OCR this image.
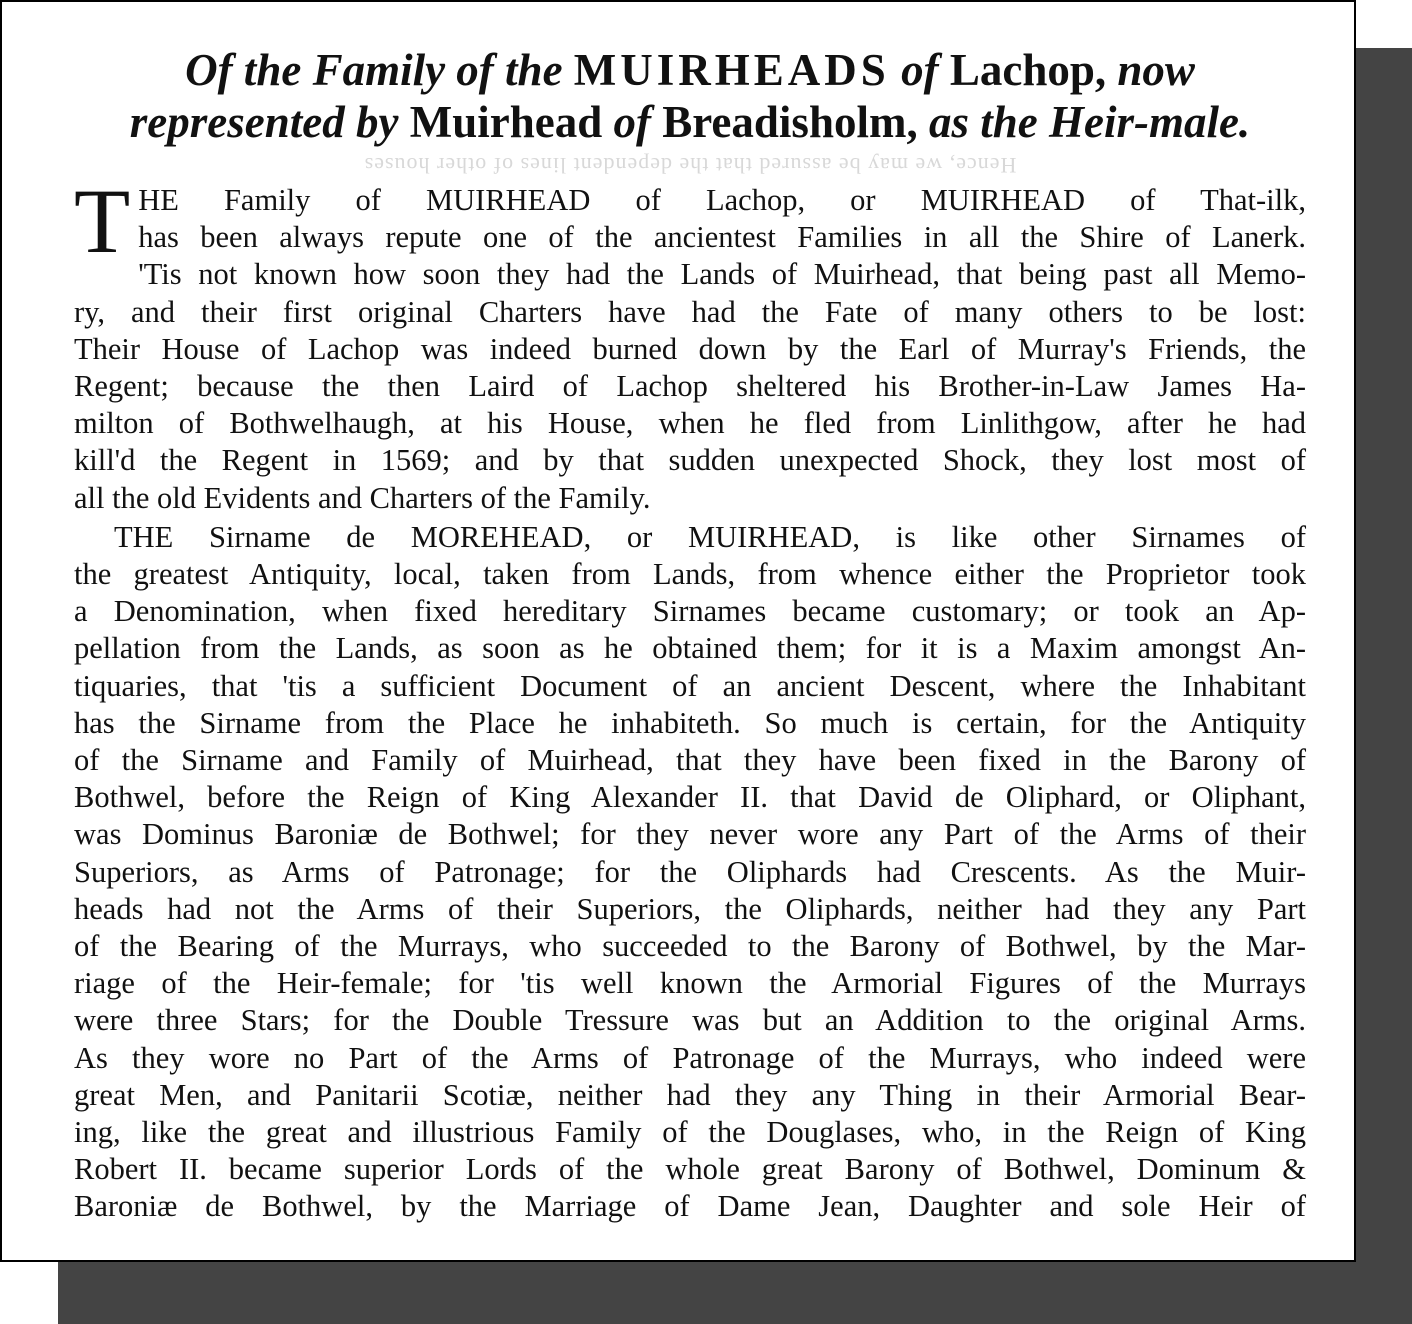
Of the Family of the MUIRHEADS of Lachop, now
represented by Muirhead of Breadisholm, as the Heir-male.
Hence, we may be assured that the dependent lines of other houses

T HE Family of MUIRHEAD of Lachop, or MUIRHEAD of That-ilk,
has been always repute one of the ancientest Families in all the Shire of Lanerk.
'Tis not known how soon they had the Lands of Muirhead, that being past all Memo-
ry, and their first original Charters have had the Fate of many others to be lost:
Their House of Lachop was indeed burned down by the Earl of Murray's Friends, the
Regent; because the then Laird of Lachop sheltered his Brother-in-Law James Ha-
milton of Bothwelhaugh, at his House, when he fled from Linlithgow, after he had
kill'd the Regent in 1569; and by that sudden unexpected Shock, they lost most of
all the old Evidents and Charters of the Family.

THE Sirname de MOREHEAD, or MUIRHEAD, is like other Sirnames of
the greatest Antiquity, local, taken from Lands, from whence either the Proprietor took
a Denomination, when fixed hereditary Sirnames became customary; or took an Ap-
pellation from the Lands, as soon as he obtained them; for it is a Maxim amongst An-
tiquaries, that 'tis a sufficient Document of an ancient Descent, where the Inhabitant
has the Sirname from the Place he inhabiteth. So much is certain, for the Antiquity
of the Sirname and Family of Muirhead, that they have been fixed in the Barony of
Bothwel, before the Reign of King Alexander II. that David de Oliphard, or Oliphant,
was Dominus Baroniæ de Bothwel; for they never wore any Part of the Arms of their
Superiors, as Arms of Patronage; for the Oliphards had Crescents. As the Muir-
heads had not the Arms of their Superiors, the Oliphards, neither had they any Part
of the Bearing of the Murrays, who succeeded to the Barony of Bothwel, by the Mar-
riage of the Heir-female; for 'tis well known the Armorial Figures of the Murrays
were three Stars; for the Double Tressure was but an Addition to the original Arms.
As they wore no Part of the Arms of Patronage of the Murrays, who indeed were
great Men, and Panitarii Scotiæ, neither had they any Thing in their Armorial Bear-
ing, like the great and illustrious Family of the Douglases, who, in the Reign of King
Robert II. became superior Lords of the whole great Barony of Bothwel, Dominum &
Baroniæ de Bothwel, by the Marriage of Dame Jean, Daughter and sole Heir of
